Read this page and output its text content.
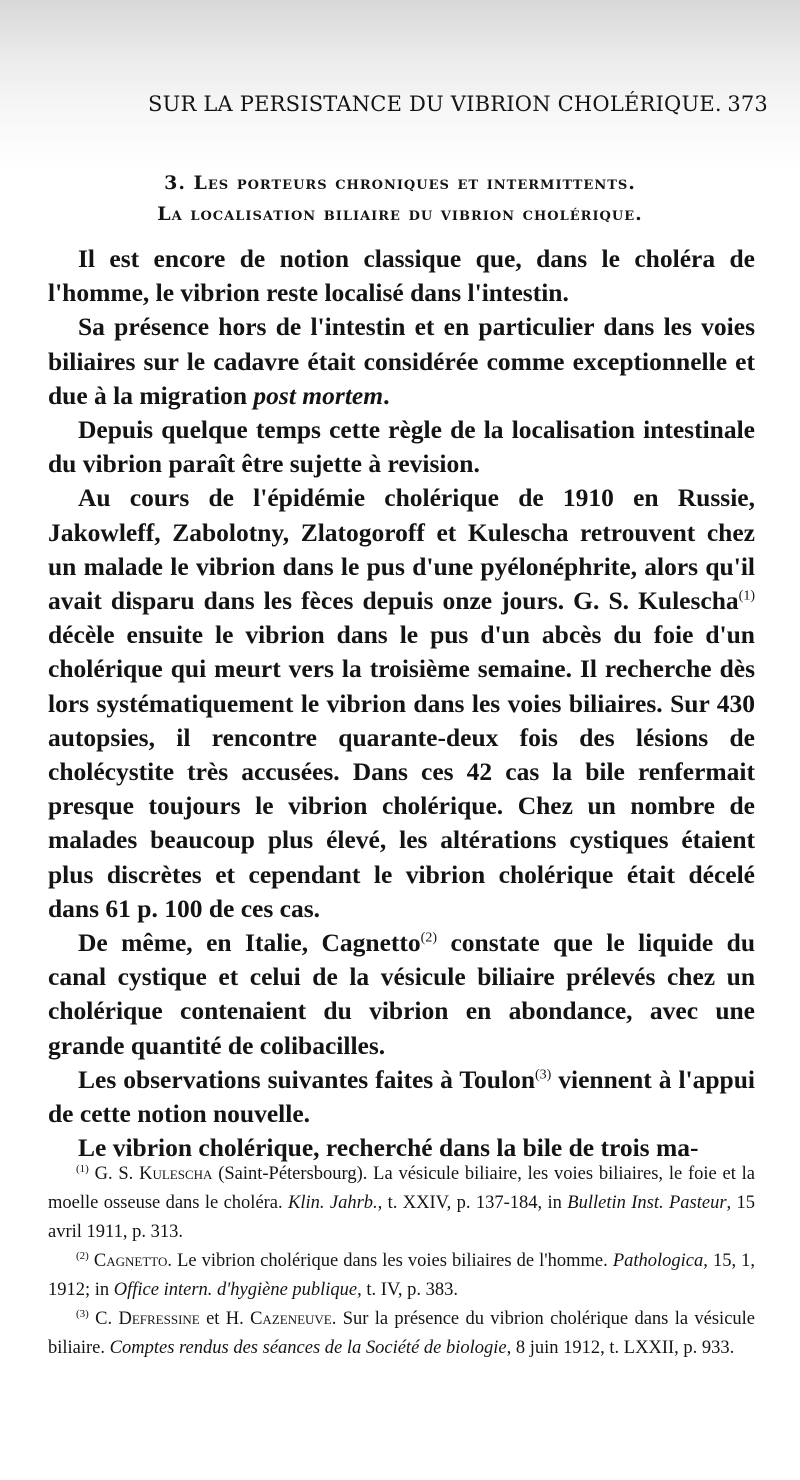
SUR LA PERSISTANCE DU VIBRION CHOLÉRIQUE. 373
3. Les porteurs chroniques et intermittents.
La localisation biliaire du vibrion cholérique.

Il est encore de notion classique que, dans le choléra de l'homme, le vibrion reste localisé dans l'intestin.

Sa présence hors de l'intestin et en particulier dans les voies biliaires sur le cadavre était considérée comme exceptionnelle et due à la migration post mortem.

Depuis quelque temps cette règle de la localisation intestinale du vibrion paraît être sujette à revision.

Au cours de l'épidémie cholérique de 1910 en Russie, Jakowleff, Zabolotny, Zlatogoroff et Kulescha retrouvent chez un malade le vibrion dans le pus d'une pyélonéphrite, alors qu'il avait disparu dans les fèces depuis onze jours. G. S. Kulescha$^{(1)}$ décèle ensuite le vibrion dans le pus d'un abcès du foie d'un cholérique qui meurt vers la troisième semaine. Il recherche dès lors systématiquement le vibrion dans les voies biliaires. Sur 430 autopsies, il rencontre quarante-deux fois des lésions de cholécystite très accusées. Dans ces 42 cas la bile renfermait presque toujours le vibrion cholérique. Chez un nombre de malades beaucoup plus élevé, les altérations cystiques étaient plus discrètes et cependant le vibrion cholérique était décelé dans 61 p. 100 de ces cas.

De même, en Italie, Cagnetto$^{(2)}$ constate que le liquide du canal cystique et celui de la vésicule biliaire prélevés chez un cholérique contenaient du vibrion en abondance, avec une grande quantité de colibacilles.

Les observations suivantes faites à Toulon$^{(3)}$ viennent à l'appui de cette notion nouvelle.

Le vibrion cholérique, recherché dans la bile de trois ma-

$^{(1)}$ G. S. Kulescha (Saint-Pétersbourg). La vésicule biliaire, les voies biliaires, le foie et la moelle osseuse dans le choléra. Klin. Jahrb., t. XXIV, p. 137-184, in Bulletin Inst. Pasteur, 15 avril 1911, p. 313.

$^{(2)}$ Cagnetto. Le vibrion cholérique dans les voies biliaires de l'homme. Pathologica, 15, 1, 1912; in Office intern. d'hygiène publique, t. IV, p. 383.

$^{(3)}$ C. Defressine et H. Cazeneuve. Sur la présence du vibrion cholérique dans la vésicule biliaire. Comptes rendus des séances de la Société de biologie, 8 juin 1912, t. LXXII, p. 933.
